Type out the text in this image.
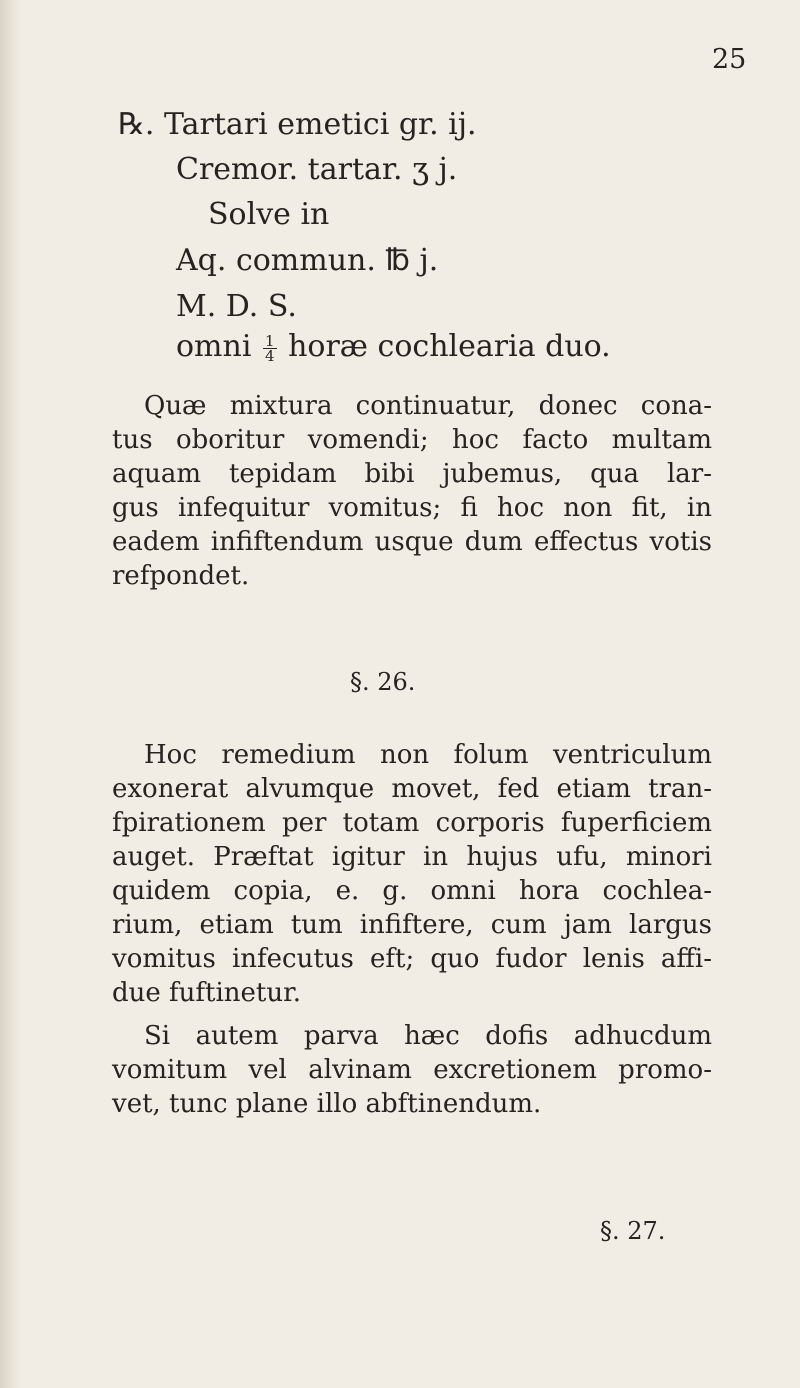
25
℞. Tartari emetici gr. ij.
Cremor. tartar. ʒ j.
Solve in
Aq. commun. ℔ j.
M. D. S.
omni $\frac{1}{4}$ horæ cochlearia duo.
Quæ mixtura continuatur, donec cona-
tus oboritur vomendi; hoc facto multam
aquam tepidam bibi jubemus, qua lar-
gus infequitur vomitus; fi hoc non fit, in
eadem infiftendum usque dum effectus votis
refpondet.
§. 26.
Hoc remedium non folum ventriculum
exonerat alvumque movet, fed etiam tran-
fpirationem per totam corporis fuperficiem
auget. Præftat igitur in hujus ufu, minori
quidem copia, e. g. omni hora cochlea-
rium, etiam tum infiftere, cum jam largus
vomitus infecutus eft; quo fudor lenis affi-
due fuftinetur.
Si autem parva hæc dofis adhucdum
vomitum vel alvinam excretionem promo-
vet, tunc plane illo abftinendum.
§. 27.
